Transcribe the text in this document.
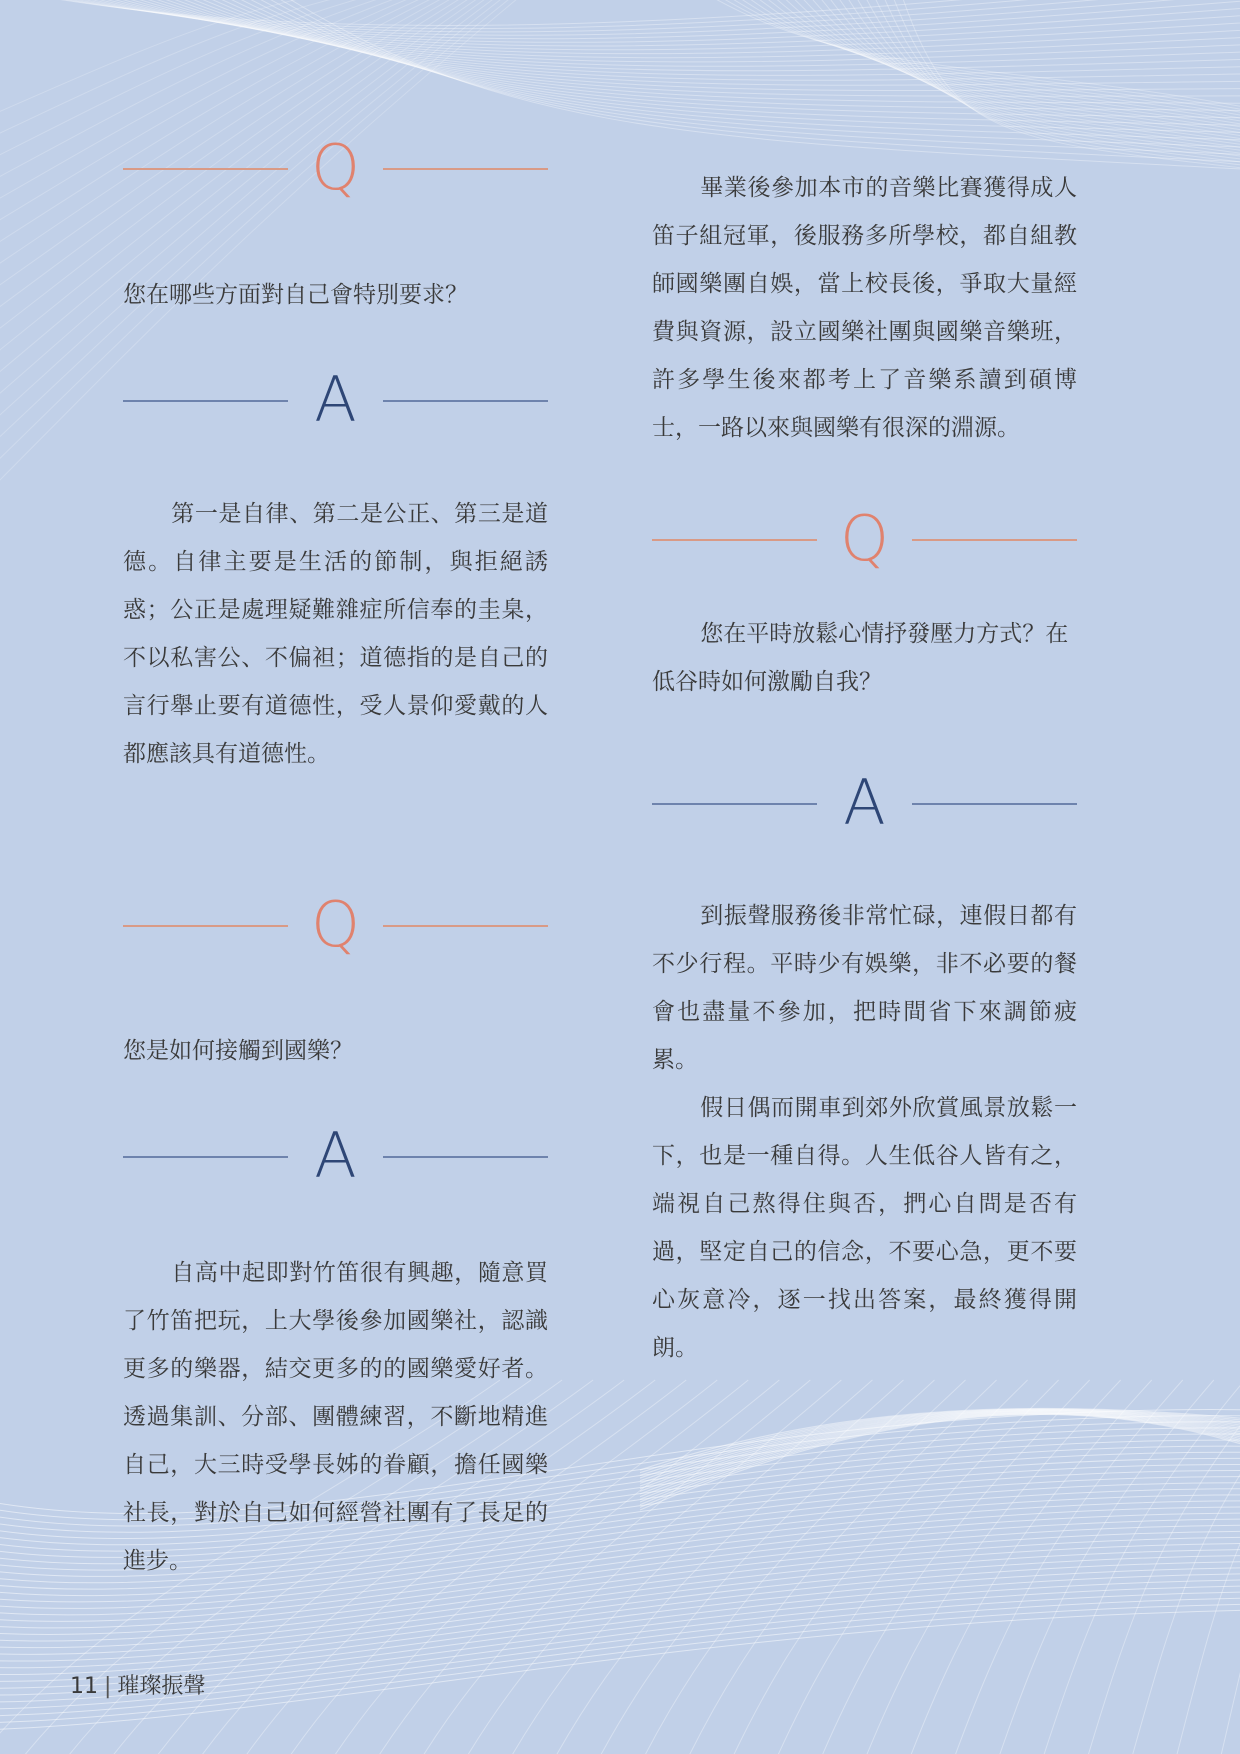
Q

您在哪些方面對自己會特別要求？

A

第一是自律、第二是公正、第三是道德。自律主要是生活的節制，與拒絕誘惑；公正是處理疑難雜症所信奉的圭臬，不以私害公、不偏袒；道德指的是自己的言行舉止要有道德性，受人景仰愛戴的人都應該具有道德性。

Q

您是如何接觸到國樂？

A

自高中起即對竹笛很有興趣，隨意買了竹笛把玩，上大學後參加國樂社，認識更多的樂器，結交更多的的國樂愛好者。透過集訓、分部、團體練習，不斷地精進自己，大三時受學長姊的眷顧，擔任國樂社長，對於自己如何經營社團有了長足的進步。

畢業後參加本市的音樂比賽獲得成人笛子組冠軍，後服務多所學校，都自組教師國樂團自娛，當上校長後，爭取大量經費與資源，設立國樂社團與國樂音樂班，許多學生後來都考上了音樂系讀到碩博士，一路以來與國樂有很深的淵源。

Q

您在平時放鬆心情抒發壓力方式？在低谷時如何激勵自我？

A

到振聲服務後非常忙碌，連假日都有不少行程。平時少有娛樂，非不必要的餐會也盡量不參加，把時間省下來調節疲累。

假日偶而開車到郊外欣賞風景放鬆一下，也是一種自得。人生低谷人皆有之，端視自己熬得住與否，捫心自問是否有過，堅定自己的信念，不要心急，更不要心灰意冷，逐一找出答案，最終獲得開朗。

11 | 璀璨振聲
